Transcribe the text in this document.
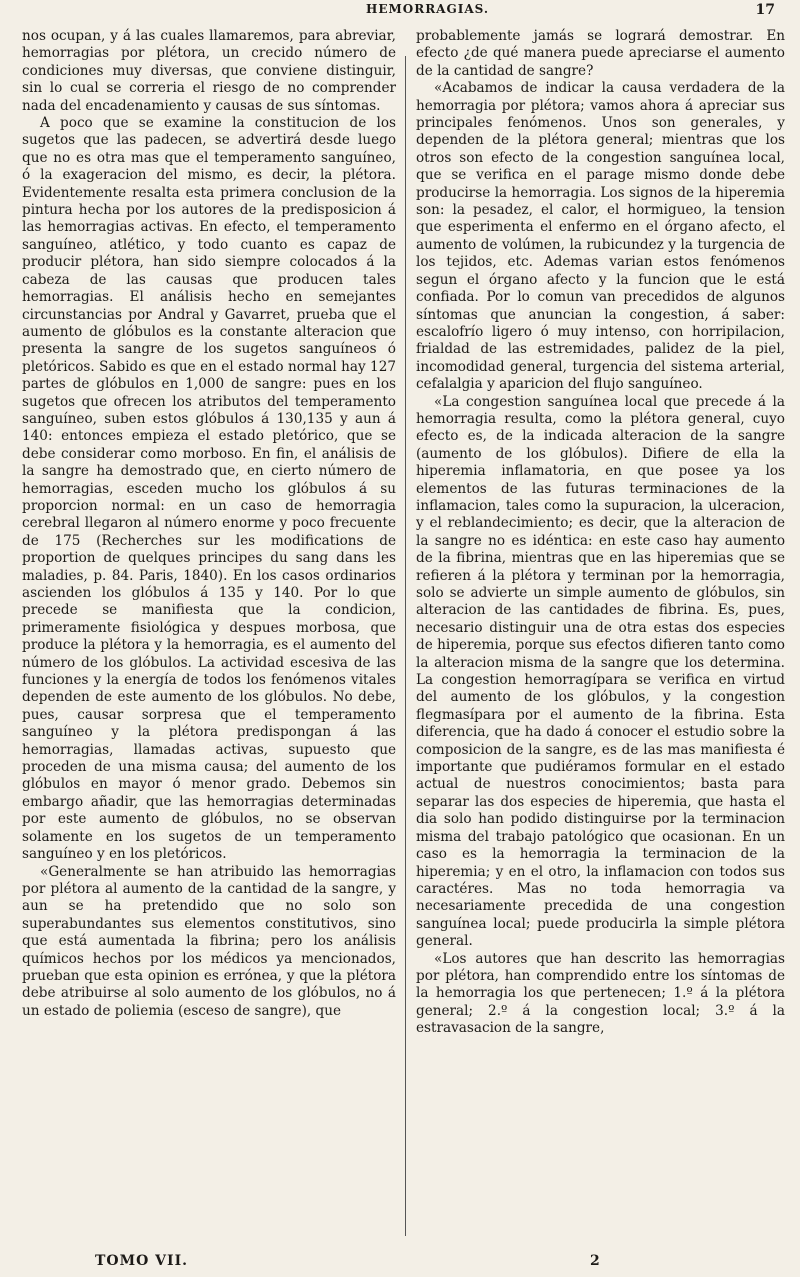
HEMORRAGIAS.	17

nos ocupan, y á las cuales llamaremos, para abreviar, hemorragias por plétora, un crecido número de condiciones muy diversas, que conviene distinguir, sin lo cual se correria el riesgo de no comprender nada del encadenamiento y causas de sus síntomas.

A poco que se examine la constitucion de los sugetos que las padecen, se advertirá desde luego que no es otra mas que el temperamento sanguíneo, ó la exageracion del mismo, es decir, la plétora. Evidentemente resalta esta primera conclusion de la pintura hecha por los autores de la predisposicion á las hemorragias activas. En efecto, el temperamento sanguíneo, atlético, y todo cuanto es capaz de producir plétora, han sido siempre colocados á la cabeza de las causas que producen tales hemorragias. El análisis hecho en semejantes circunstancias por Andral y Gavarret, prueba que el aumento de glóbulos es la constante alteracion que presenta la sangre de los sugetos sanguíneos ó pletóricos. Sabido es que en el estado normal hay 127 partes de glóbulos en 1,000 de sangre: pues en los sugetos que ofrecen los atributos del temperamento sanguíneo, suben estos glóbulos á 130,135 y aun á 140: entonces empieza el estado pletórico, que se debe considerar como morboso. En fin, el análisis de la sangre ha demostrado que, en cierto número de hemorragias, esceden mucho los glóbulos á su proporcion normal: en un caso de hemorragia cerebral llegaron al número enorme y poco frecuente de 175 (Recherches sur les modifications de proportion de quelques principes du sang dans les maladies, p. 84. Paris, 1840). En los casos ordinarios ascienden los glóbulos á 135 y 140. Por lo que precede se manifiesta que la condicion, primeramente fisiológica y despues morbosa, que produce la plétora y la hemorragia, es el aumento del número de los glóbulos. La actividad escesiva de las funciones y la energía de todos los fenómenos vitales dependen de este aumento de los glóbulos. No debe, pues, causar sorpresa que el temperamento sanguíneo y la plétora predispongan á las hemorragias, llamadas activas, supuesto que proceden de una misma causa; del aumento de los glóbulos en mayor ó menor grado. Debemos sin embargo añadir, que las hemorragias determinadas por este aumento de glóbulos, no se observan solamente en los sugetos de un temperamento sanguíneo y en los pletóricos.

«Generalmente se han atribuido las hemorragias por plétora al aumento de la cantidad de la sangre, y aun se ha pretendido que no solo son superabundantes sus elementos constitutivos, sino que está aumentada la fibrina; pero los análisis químicos hechos por los médicos ya mencionados, prueban que esta opinion es errónea, y que la plétora debe atribuirse al solo aumento de los glóbulos, no á un estado de poliemia (esceso de sangre), que

probablemente jamás se logrará demostrar. En efecto ¿de qué manera puede apreciarse el aumento de la cantidad de sangre?

«Acabamos de indicar la causa verdadera de la hemorragia por plétora; vamos ahora á apreciar sus principales fenómenos. Unos son generales, y dependen de la plétora general; mientras que los otros son efecto de la congestion sanguínea local, que se verifica en el parage mismo donde debe producirse la hemorragia. Los signos de la hiperemia son: la pesadez, el calor, el hormigueo, la tension que esperimenta el enfermo en el órgano afecto, el aumento de volúmen, la rubicundez y la turgencia de los tejidos, etc. Ademas varian estos fenómenos segun el órgano afecto y la funcion que le está confiada. Por lo comun van precedidos de algunos síntomas que anuncian la congestion, á saber: escalofrío ligero ó muy intenso, con horripilacion, frialdad de las estremidades, palidez de la piel, incomodidad general, turgencia del sistema arterial, cefalalgia y aparicion del flujo sanguíneo.

«La congestion sanguínea local que precede á la hemorragia resulta, como la plétora general, cuyo efecto es, de la indicada alteracion de la sangre (aumento de los glóbulos). Difiere de ella la hiperemia inflamatoria, en que posee ya los elementos de las futuras terminaciones de la inflamacion, tales como la supuracion, la ulceracion, y el reblandecimiento; es decir, que la alteracion de la sangre no es idéntica: en este caso hay aumento de la fibrina, mientras que en las hiperemias que se refieren á la plétora y terminan por la hemorragia, solo se advierte un simple aumento de glóbulos, sin alteracion de las cantidades de fibrina. Es, pues, necesario distinguir una de otra estas dos especies de hiperemia, porque sus efectos difieren tanto como la alteracion misma de la sangre que los determina. La congestion hemorragípara se verifica en virtud del aumento de los glóbulos, y la congestion flegmasípara por el aumento de la fibrina. Esta diferencia, que ha dado á conocer el estudio sobre la composicion de la sangre, es de las mas manifiesta é importante que pudiéramos formular en el estado actual de nuestros conocimientos; basta para separar las dos especies de hiperemia, que hasta el dia solo han podido distinguirse por la terminacion misma del trabajo patológico que ocasionan. En un caso es la hemorragia la terminacion de la hiperemia; y en el otro, la inflamacion con todos sus caractéres. Mas no toda hemorragia va necesariamente precedida de una congestion sanguínea local; puede producirla la simple plétora general.

«Los autores que han descrito las hemorragias por plétora, han comprendido entre los síntomas de la hemorragia los que pertenecen; 1.º á la plétora general; 2.º á la congestion local; 3.º á la estravasacion de la sangre,

TOMO VII.	2
